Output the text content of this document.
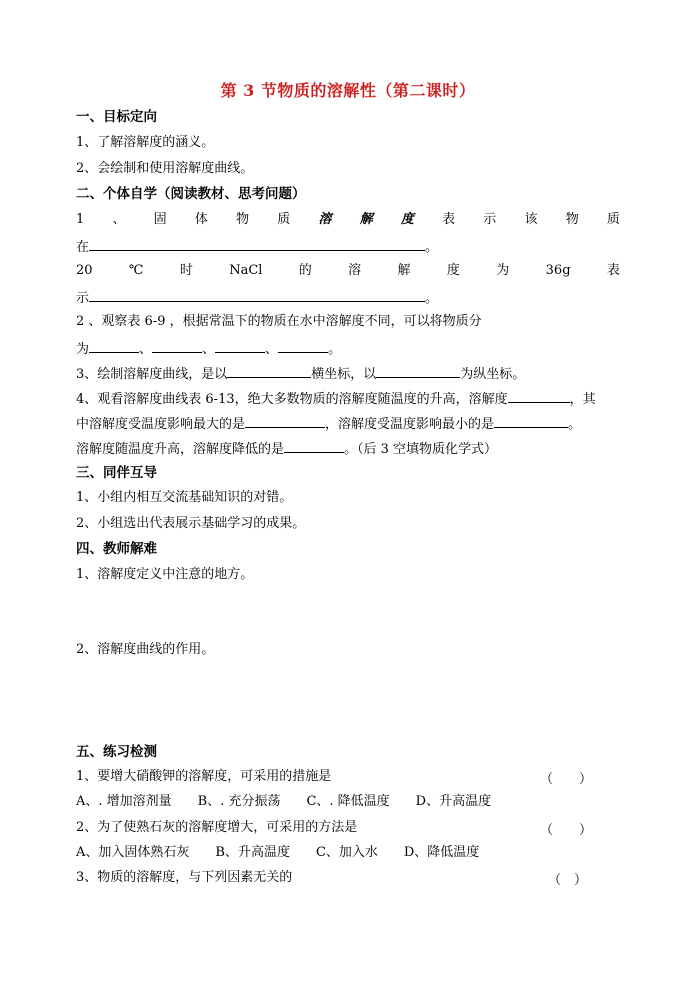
第 3 节物质的溶解性（第二课时）
一、目标定向
1、了解溶解度的涵义。
2、会绘制和使用溶解度曲线。
二、个体自学（阅读教材、思考问题）
1 、 固 体 物 质 溶 解 度 表 示 该 物 质
在	。
20	℃	时	NaCl	的	溶	解	度	为	36g	表
示	。
2 、观察表 6-9 ，根据常温下的物质在水中溶解度不同，可以将物质分
为	、	、	、	。
3、绘制溶解度曲线，是以	横坐标，以	为纵坐标。
4、观看溶解度曲线表 6-13，绝大多数物质的溶解度随温度的升高，溶解度	，其
中溶解度受温度影响最大的是	，溶解度受温度影响最小的是	。
溶解度随温度升高，溶解度降低的是	。（后 3 空填物质化学式）
三、同伴互导
1、小组内相互交流基础知识的对错。
2、小组选出代表展示基础学习的成果。
四、教师解难
1、溶解度定义中注意的地方。
2、溶解度曲线的作用。
五、练习检测
1、要增大硝酸钾的溶解度，可采用的措施是	（　　）
A、. 增加溶剂量　　B、. 充分振荡　　C、. 降低温度　　D、升高温度
2、为了使熟石灰的溶解度增大，可采用的方法是	（　　）
A、加入固体熟石灰　　B、升高温度　　C、加入水　　D、降低温度
3、物质的溶解度，与下列因素无关的	（　）
